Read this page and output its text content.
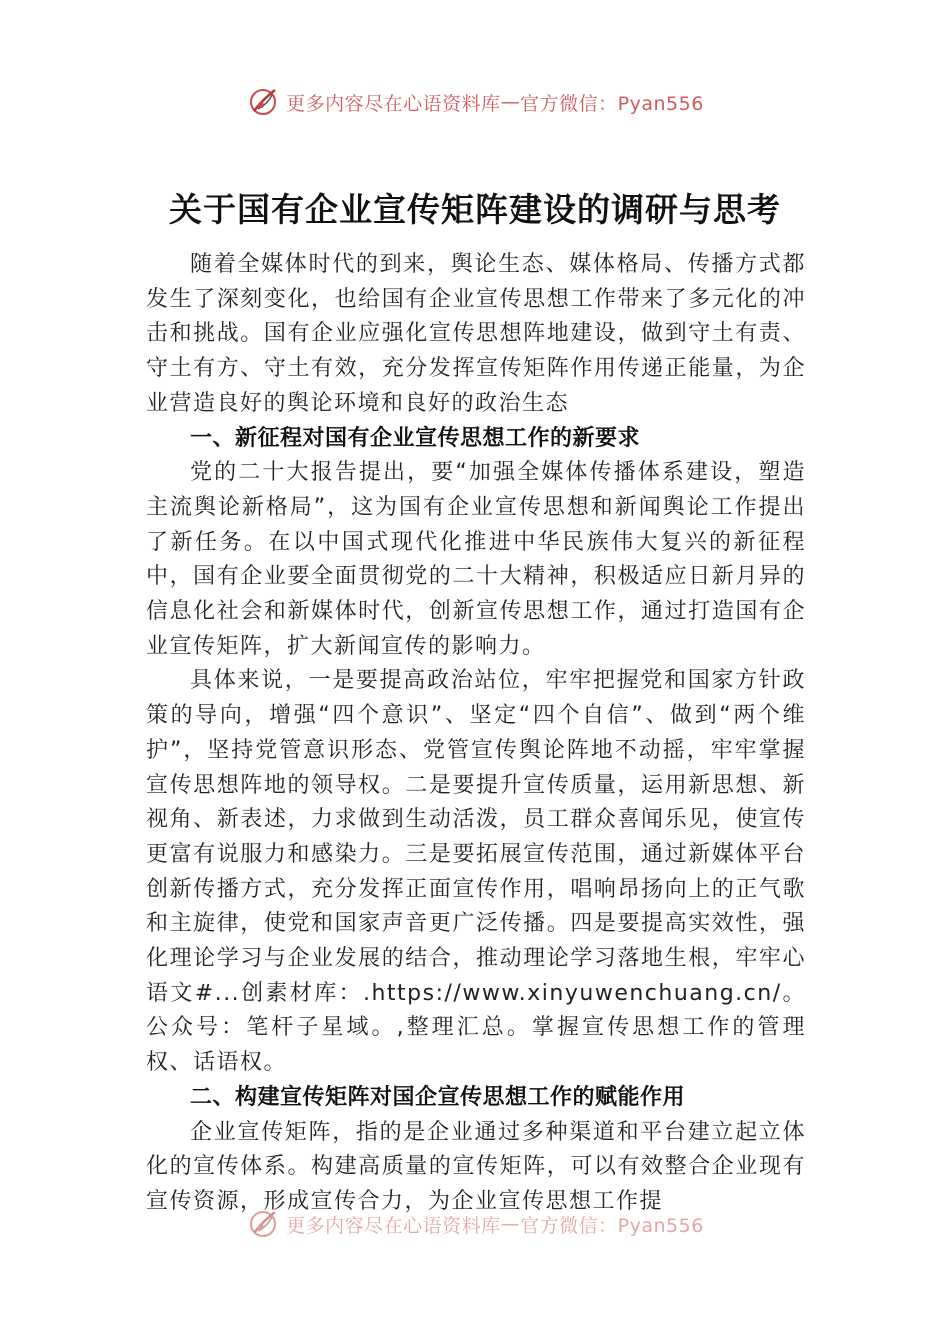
更多内容尽在心语资料库 — 官方微信：Pyan556
关于国有企业宣传矩阵建设的调研与思考

随着全媒体时代的到来，舆论生态、媒体格局、传播方式都发生了深刻变化，也给国有企业宣传思想工作带来了多元化的冲击和挑战。国有企业应强化宣传思想阵地建设，做到守土有责、守土有方、守土有效，充分发挥宣传矩阵作用传递正能量，为企业营造良好的舆论环境和良好的政治生态

一、新征程对国有企业宣传思想工作的新要求

党的二十大报告提出，要“加强全媒体传播体系建设，塑造主流舆论新格局”，这为国有企业宣传思想和新闻舆论工作提出了新任务。在以中国式现代化推进中华民族伟大复兴的新征程中，国有企业要全面贯彻党的二十大精神，积极适应日新月异的信息化社会和新媒体时代，创新宣传思想工作，通过打造国有企业宣传矩阵，扩大新闻宣传的影响力。

具体来说，一是要提高政治站位，牢牢把握党和国家方针政策的导向，增强“四个意识”、坚定“四个自信”、做到“两个维护”，坚持党管意识形态、党管宣传舆论阵地不动摇，牢牢掌握宣传思想阵地的领导权。二是要提升宣传质量，运用新思想、新视角、新表述，力求做到生动活泼，员工群众喜闻乐见，使宣传更富有说服力和感染力。三是要拓展宣传范围，通过新媒体平台创新传播方式，充分发挥正面宣传作用，唱响昂扬向上的正气歌和主旋律，使党和国家声音更广泛传播。四是要提高实效性，强化理论学习与企业发展的结合，推动理论学习落地生根，牢牢心语文#...创素材库：.https://www.xinyuwenchuang.cn/。公众号：笔杆子星域。,整理汇总。掌握宣传思想工作的管理权、话语权。

二、构建宣传矩阵对国企宣传思想工作的赋能作用

企业宣传矩阵，指的是企业通过多种渠道和平台建立起立体化的宣传体系。构建高质量的宣传矩阵，可以有效整合企业现有宣传资源，形成宣传合力，为企业宣传思想工作提

更多内容尽在心语资料库 — 官方微信：Pyan556
